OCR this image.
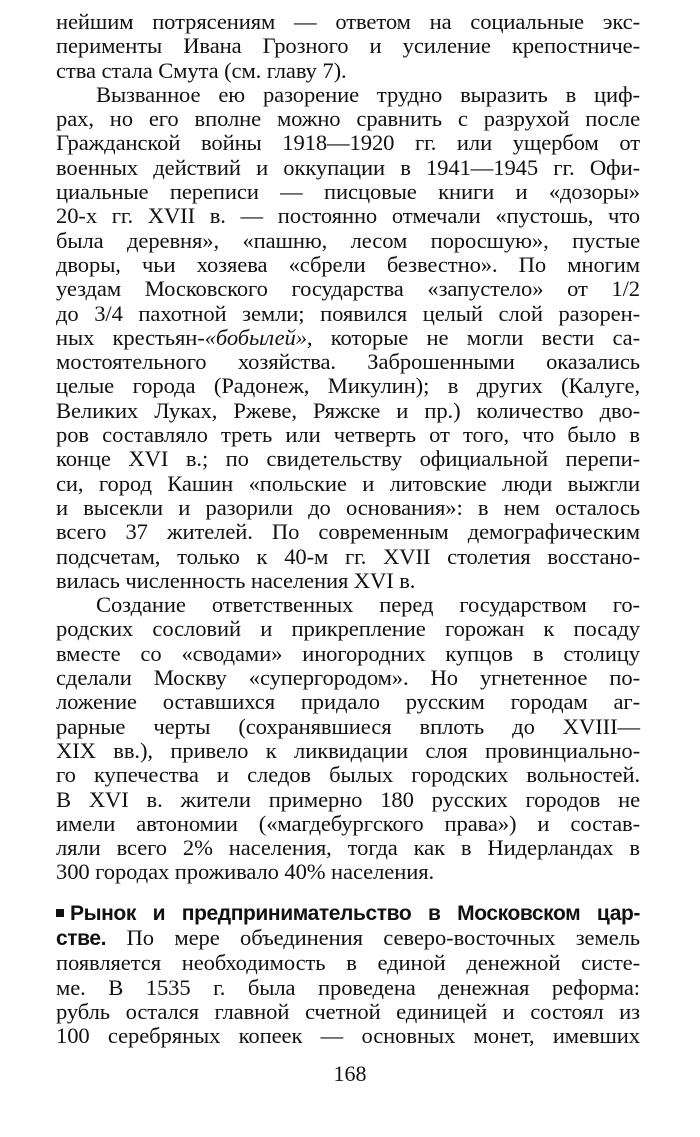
нейшим потрясениям — ответом на социальные экс-
перименты Ивана Грозного и усиление крепостниче-
ства стала Смута (см. главу 7).
Вызванное ею разорение трудно выразить в циф-
рах, но его вполне можно сравнить с разрухой после
Гражданской войны 1918—1920 гг. или ущербом от
военных действий и оккупации в 1941—1945 гг. Офи-
циальные переписи — писцовые книги и «дозоры»
20-х гг. XVII в. — постоянно отмечали «пустошь, что
была деревня», «пашню, лесом поросшую», пустые
дворы, чьи хозяева «сбрели безвестно». По многим
уездам Московского государства «запустело» от 1/2
до 3/4 пахотной земли; появился целый слой разорен-
ных крестьян-«бобылей», которые не могли вести са-
мостоятельного хозяйства. Заброшенными оказались
целые города (Радонеж, Микулин); в других (Калуге,
Великих Луках, Ржеве, Ряжске и пр.) количество дво-
ров составляло треть или четверть от того, что было в
конце XVI в.; по свидетельству официальной перепи-
си, город Кашин «польские и литовские люди выжгли
и высекли и разорили до основания»: в нем осталось
всего 37 жителей. По современным демографическим
подсчетам, только к 40-м гг. XVII столетия восстано-
вилась численность населения XVI в.
Создание ответственных перед государством го-
родских сословий и прикрепление горожан к посаду
вместе со «сводами» иногородних купцов в столицу
сделали Москву «супергородом». Но угнетенное по-
ложение оставшихся придало русским городам аг-
рарные черты (сохранявшиеся вплоть до XVIII—
XIX вв.), привело к ликвидации слоя провинциально-
го купечества и следов былых городских вольностей.
В XVI в. жители примерно 180 русских городов не
имели автономии («магдебургского права») и состав-
ляли всего 2% населения, тогда как в Нидерландах в
300 городах проживало 40% населения.
Рынок и предпринимательство в Московском цар-
стве. По мере объединения северо-восточных земель
появляется необходимость в единой денежной систе-
ме. В 1535 г. была проведена денежная реформа:
рубль остался главной счетной единицей и состоял из
100 серебряных копеек — основных монет, имевших
168
